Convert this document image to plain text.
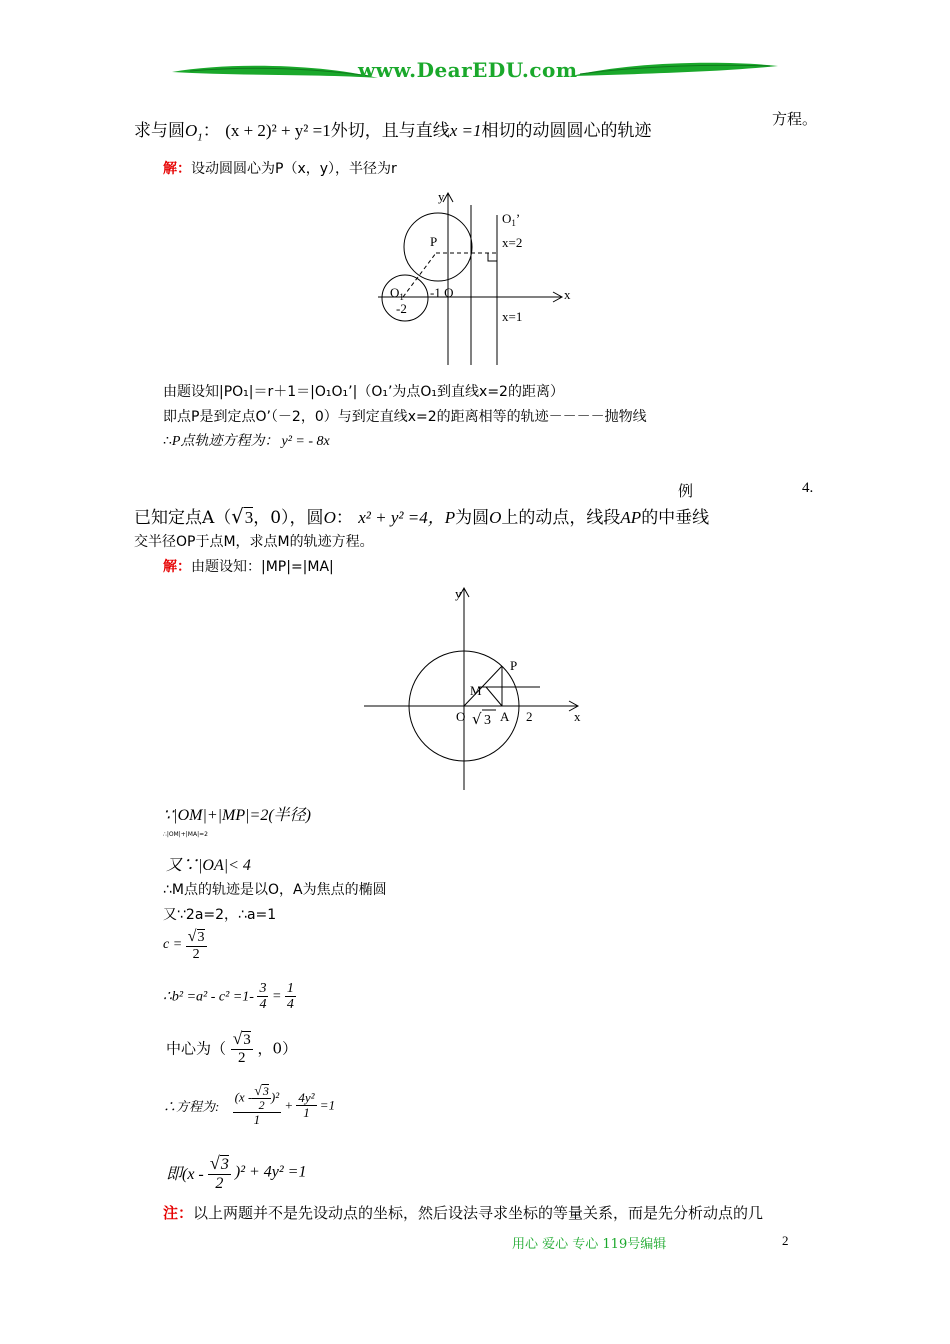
www.DearEDU.com
求与圆$O_1$： (x + 2)² + y² =1外切，且与直线x =1相切的动圆圆心的轨迹
方程。
解：设动圆圆心为P（x，y），半径为r
y
x
P
$O_1$’
x=2
x=1
$O_1$ -1 O
-2
由题设知|PO₁|＝r＋1＝|O₁O₁’|（O₁’为点O₁到直线x=2的距离）
即点P是到定点O’（－2，0）与到定直线x=2的距离相等的轨迹－－－－抛物线
∴P点轨迹方程为： y² = - 8x
例	4.
已知定点A（√3，0），圆O： x² + y² =4，P为圆O上的动点，线段AP的中垂线
交半径OP于点M，求点M的轨迹方程。
解：由题设知：|MP|=|MA|
y
x
P
M
O √ 3 A 2
∵|OM|+|MP|=2(半径)
∴|OM|+|MA|=2
又∵|OA|< 4
∴M点的轨迹是以O，A为焦点的椭圆
又∵2a=2，∴a=1
$c = \frac{√3}{2}$
∴b² $=a^2 - c^2 =1- \frac{3}{4} = \frac{1}{4}$
中心为（ $\frac{√3}{2}$ ，0）
∴方程为: $\frac{(x - \frac{√3}{2} )^2}{1} + \frac{\text{4y²}}{1} =1$
即$(x - \frac{√3}{2} )^2 + 4y^2 =1$
注：以上两题并不是先设动点的坐标，然后设法寻求坐标的等量关系，而是先分析动点的几
用心 爱心 专心 119号编辑	2
